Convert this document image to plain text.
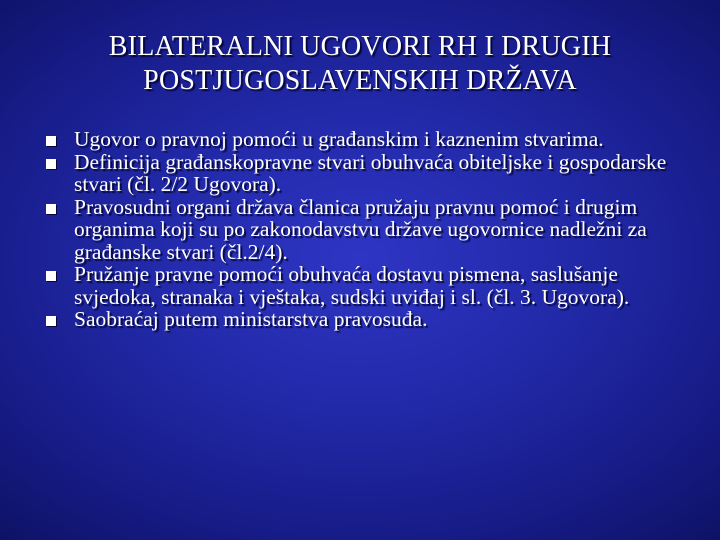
BILATERALNI UGOVORI RH I DRUGIH
POSTJUGOSLAVENSKIH DRŽAVA
Ugovor o pravnoj pomoći u građanskim i kaznenim stvarima.
Definicija građanskopravne stvari obuhvaća obiteljske i gospodarske stvari (čl. 2/2 Ugovora).
Pravosudni organi država članica pružaju pravnu pomoć i drugim organima koji su po zakonodavstvu države ugovornice nadležni za građanske stvari (čl.2/4).
Pružanje pravne pomoći obuhvaća dostavu pismena, saslušanje svjedoka, stranaka i vještaka, sudski uviđaj i sl. (čl. 3. Ugovora).
Saobraćaj putem ministarstva pravosuđa.
